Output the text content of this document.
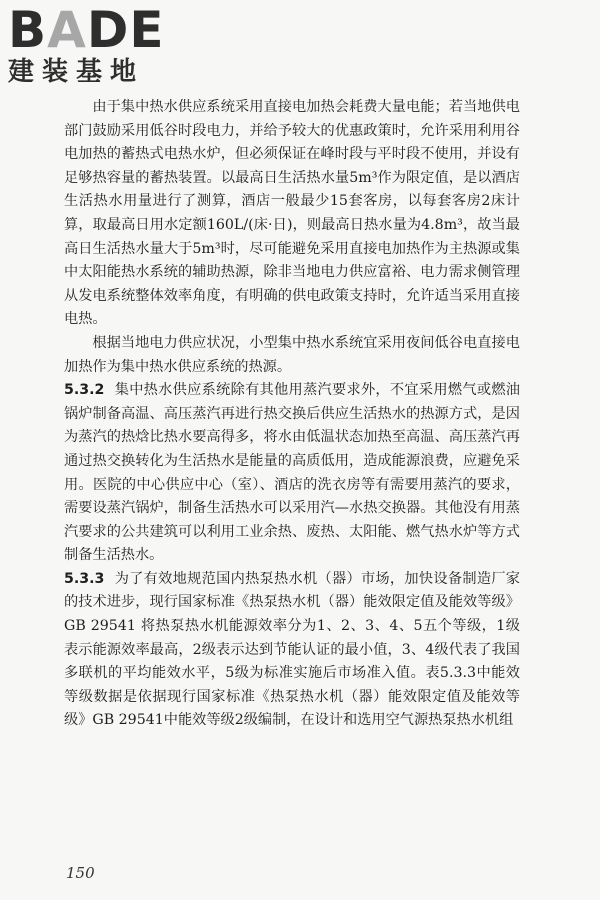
BADE
建装基地

由于集中热水供应系统采用直接电加热会耗费大量电能；若当地供电部门鼓励采用低谷时段电力，并给予较大的优惠政策时，允许采用利用谷电加热的蓄热式电热水炉，但必须保证在峰时段与平时段不使用，并设有足够热容量的蓄热装置。以最高日生活热水量5m³作为限定值，是以酒店生活热水用量进行了测算，酒店一般最少15套客房，以每套客房2床计算，取最高日用水定额160L/(床·日)，则最高日热水量为4.8m³，故当最高日生活热水量大于5m³时，尽可能避免采用直接电加热作为主热源或集中太阳能热水系统的辅助热源，除非当地电力供应富裕、电力需求侧管理从发电系统整体效率角度，有明确的供电政策支持时，允许适当采用直接电热。

根据当地电力供应状况，小型集中热水系统宜采用夜间低谷电直接电加热作为集中热水供应系统的热源。

5.3.2 集中热水供应系统除有其他用蒸汽要求外，不宜采用燃气或燃油锅炉制备高温、高压蒸汽再进行热交换后供应生活热水的热源方式，是因为蒸汽的热焓比热水要高得多，将水由低温状态加热至高温、高压蒸汽再通过热交换转化为生活热水是能量的高质低用，造成能源浪费，应避免采用。医院的中心供应中心（室）、酒店的洗衣房等有需要用蒸汽的要求，需要设蒸汽锅炉，制备生活热水可以采用汽—水热交换器。其他没有用蒸汽要求的公共建筑可以利用工业余热、废热、太阳能、燃气热水炉等方式制备生活热水。

5.3.3 为了有效地规范国内热泵热水机（器）市场，加快设备制造厂家的技术进步，现行国家标准《热泵热水机（器）能效限定值及能效等级》GB 29541 将热泵热水机能源效率分为1、2、3、4、5五个等级，1级表示能源效率最高，2级表示达到节能认证的最小值，3、4级代表了我国多联机的平均能效水平，5级为标准实施后市场准入值。表5.3.3中能效等级数据是依据现行国家标准《热泵热水机（器）能效限定值及能效等级》GB 29541中能效等级2级编制，在设计和选用空气源热泵热水机组

150
